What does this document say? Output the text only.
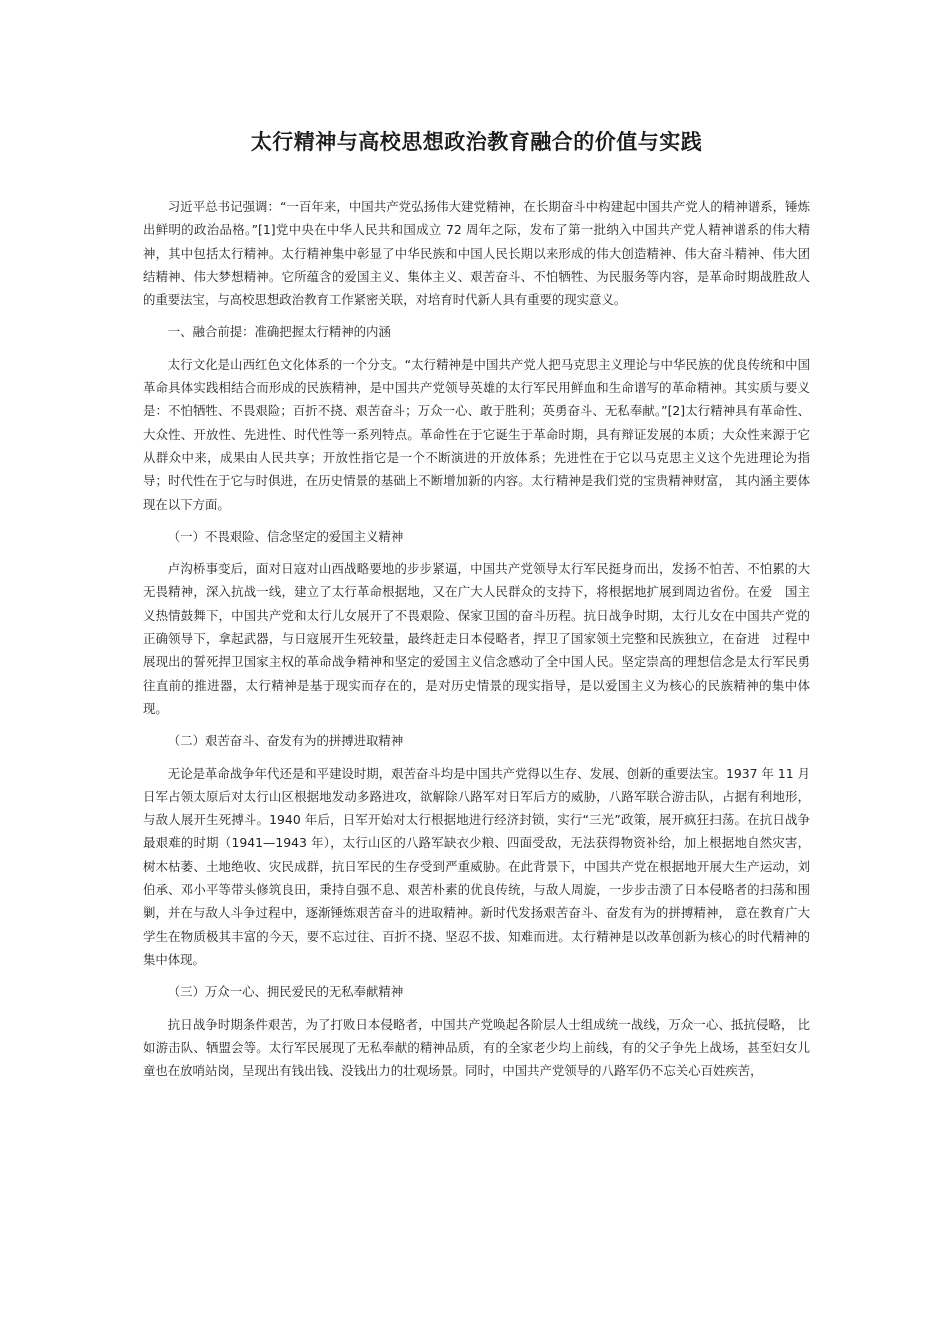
太行精神与高校思想政治教育融合的价值与实践

习近平总书记强调：“一百年来，中国共产党弘扬伟大建党精神，在长期奋斗中构建起中国共产党人的精神谱系，锤炼出鲜明的政治品格。”[1]党中央在中华人民共和国成立 72 周年之际，发布了第一批纳入中国共产党人精神谱系的伟大精神，其中包括太行精神。太行精神集中彰显了中华民族和中国人民长期以来形成的伟大创造精神、伟大奋斗精神、伟大团结精神、伟大梦想精神。它所蕴含的爱国主义、集体主义、艰苦奋斗、不怕牺牲、为民服务等内容，是革命时期战胜敌人的重要法宝，与高校思想政治教育工作紧密关联，对培育时代新人具有重要的现实意义。

一、融合前提：准确把握太行精神的内涵

太行文化是山西红色文化体系的一个分支。“太行精神是中国共产党人把马克思主义理论与中华民族的优良传统和中国革命具体实践相结合而形成的民族精神，是中国共产党领导英雄的太行军民用鲜血和生命谱写的革命精神。其实质与要义是：不怕牺牲、不畏艰险；百折不挠、艰苦奋斗；万众一心、敢于胜利；英勇奋斗、无私奉献。”[2]太行精神具有革命性、大众性、开放性、先进性、时代性等一系列特点。革命性在于它诞生于革命时期，具有辩证发展的本质；大众性来源于它从群众中来，成果由人民共享；开放性指它是一个不断演进的开放体系；先进性在于它以马克思主义这个先进理论为指导；时代性在于它与时俱进，在历史情景的基础上不断增加新的内容。太行精神是我们党的宝贵精神财富， 其内涵主要体现在以下方面。

（一）不畏艰险、信念坚定的爱国主义精神

卢沟桥事变后，面对日寇对山西战略要地的步步紧逼，中国共产党领导太行军民挺身而出，发扬不怕苦、不怕累的大无畏精神，深入抗战一线，建立了太行革命根据地，又在广大人民群众的支持下，将根据地扩展到周边省份。在爱　国主义热情鼓舞下，中国共产党和太行儿女展开了不畏艰险、保家卫国的奋斗历程。抗日战争时期，太行儿女在中国共产党的正确领导下，拿起武器，与日寇展开生死较量，最终赶走日本侵略者，捍卫了国家领土完整和民族独立，在奋进　过程中展现出的誓死捍卫国家主权的革命战争精神和坚定的爱国主义信念感动了全中国人民。坚定崇高的理想信念是太行军民勇往直前的推进器，太行精神是基于现实而存在的，是对历史情景的现实指导，是以爱国主义为核心的民族精神的集中体现。

（二）艰苦奋斗、奋发有为的拼搏进取精神

无论是革命战争年代还是和平建设时期，艰苦奋斗均是中国共产党得以生存、发展、创新的重要法宝。1937 年 11 月日军占领太原后对太行山区根据地发动多路进攻，欲解除八路军对日军后方的威胁，八路军联合游击队，占据有利地形，与敌人展开生死搏斗。1940 年后，日军开始对太行根据地进行经济封锁，实行“三光”政策，展开疯狂扫荡。在抗日战争最艰难的时期（1941—1943 年），太行山区的八路军缺衣少粮、四面受敌，无法获得物资补给，加上根据地自然灾害，树木枯萎、土地绝收、灾民成群，抗日军民的生存受到严重威胁。在此背景下，中国共产党在根据地开展大生产运动，刘伯承、邓小平等带头修筑良田，秉持自强不息、艰苦朴素的优良传统，与敌人周旋，一步步击溃了日本侵略者的扫荡和围剿，并在与敌人斗争过程中，逐渐锤炼艰苦奋斗的进取精神。新时代发扬艰苦奋斗、奋发有为的拼搏精神， 意在教育广大学生在物质极其丰富的今天，要不忘过往、百折不挠、坚忍不拔、知难而进。太行精神是以改革创新为核心的时代精神的集中体现。

（三）万众一心、拥民爱民的无私奉献精神

抗日战争时期条件艰苦，为了打败日本侵略者，中国共产党唤起各阶层人士组成统一战线，万众一心、抵抗侵略， 比如游击队、牺盟会等。太行军民展现了无私奉献的精神品质，有的全家老少均上前线，有的父子争先上战场，甚至妇女儿童也在放哨站岗，呈现出有钱出钱、没钱出力的壮观场景。同时，中国共产党领导的八路军仍不忘关心百姓疾苦，
